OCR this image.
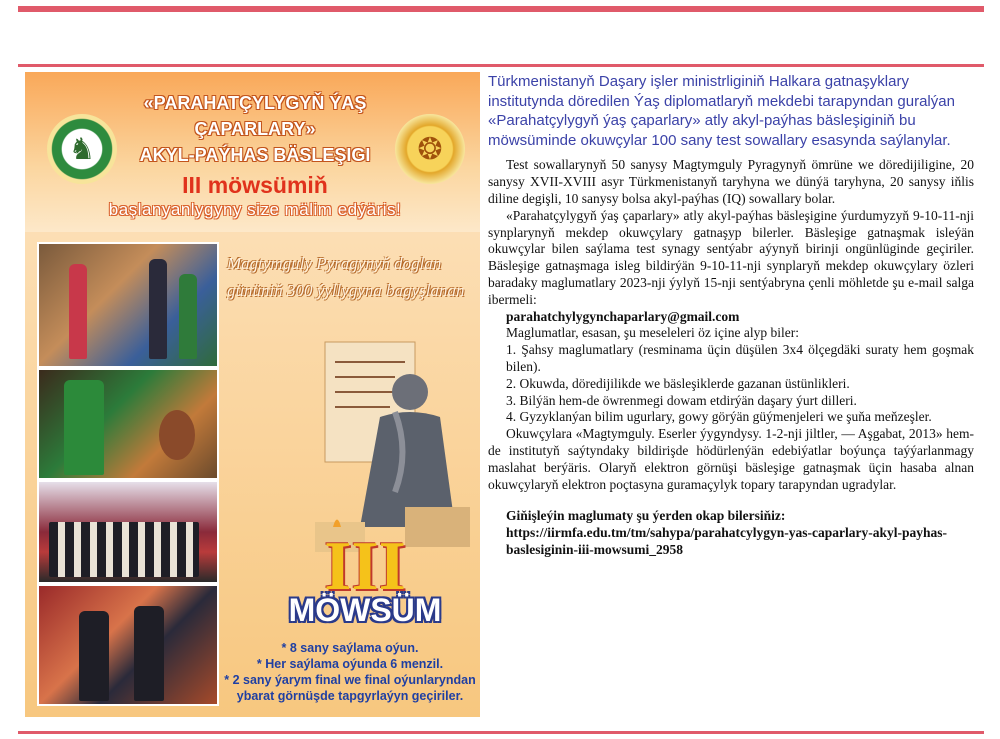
♞	❂
«PARAHATÇYLYGYŇ ÝAŞ ÇAPARLARY»
AKYL-PAÝHAS BÄSLEŞIGI
III möwsümiň
başlanyanlygyny size mälim edýäris!
Magtymguly Pyragynyň doglan gününiň 300 ýyllygyna bagyşlanan
III
MÖWSÜM
* 8 sany saýlama oýun.
* Her saýlama oýunda 6 menzil.
* 2 sany ýarym final we final oýunlaryndan ybarat görnüşde tapgyrlaýyn geçiriler.

Türkmenistanyň Daşary işler ministrliginiň Halkara gatnaşyklary institutynda döredilen Ýaş diplomatlaryň mekdebi tarapyndan guralýan «Parahatçylygyň ýaş çaparlary» atly akyl-paýhas bäsleşiginiň bu möwsüminde okuwçylar 100 sany test sowallary esasynda saýlanylar.

Test sowallarynyň 50 sanysy Magtymguly Pyragynyň ömrüne we döredijiligine, 20 sanysy XVII-XVIII asyr Türkmenistanyň taryhyna we dünýä taryhyna, 20 sanysy iňlis diline degişli, 10 sanysy bolsa akyl-paýhas (IQ) sowallary bolar.

«Parahatçylygyň ýaş çaparlary» atly akyl-paýhas bäsleşigine ýurdumyzyň 9-10-11-nji synplarynyň mekdep okuwçylary gatnaşyp bilerler. Bäsleşige gatnaşmak isleýän okuwçylar bilen saýlama test synagy sentýabr aýynyň birinji ongünlüginde geçiriler. Bäsleşige gatnaşmaga isleg bildirýän 9-10-11-nji synplaryň mekdep okuwçylary özleri baradaky maglumatlary 2023-nji ýylyň 15-nji sentýabryna çenli möhletde şu e-mail salga ibermeli:

parahatchylygynchaparlary@gmail.com

Maglumatlar, esasan, şu meseleleri öz içine alyp biler:

1. Şahsy maglumatlary (resminama üçin düşülen 3x4 ölçegdäki suraty hem goşmak bilen).

2. Okuwda, döredijilikde we bäsleşiklerde gazanan üstünlikleri.

3. Bilýän hem-de öwrenmegi dowam etdirýän daşary ýurt dilleri.

4. Gyzyklanýan bilim ugurlary, gowy görýän güýmenjeleri we şuňa meňzeşler.

Okuwçylara «Magtymguly. Eserler ýygyndysy. 1-2-nji jiltler, — Aşgabat, 2013» hem-de institutyň saýtyndaky bildirişde hödürlenýän edebiýatlar boýunça taýýarlanmagy maslahat berýäris. Olaryň elektron görnüşi bäsleşige gatnaşmak üçin hasaba alnan okuwçylaryň elektron poçtasyna guramaçylyk topary tarapyndan ugradylar.

Giňişleýin maglumaty şu ýerden okap bilersiňiz:

https://iirmfa.edu.tm/tm/sahypa/parahatcylygyn-yas-caparlary-akyl-payhas-baslesiginin-iii-mowsumi_2958
